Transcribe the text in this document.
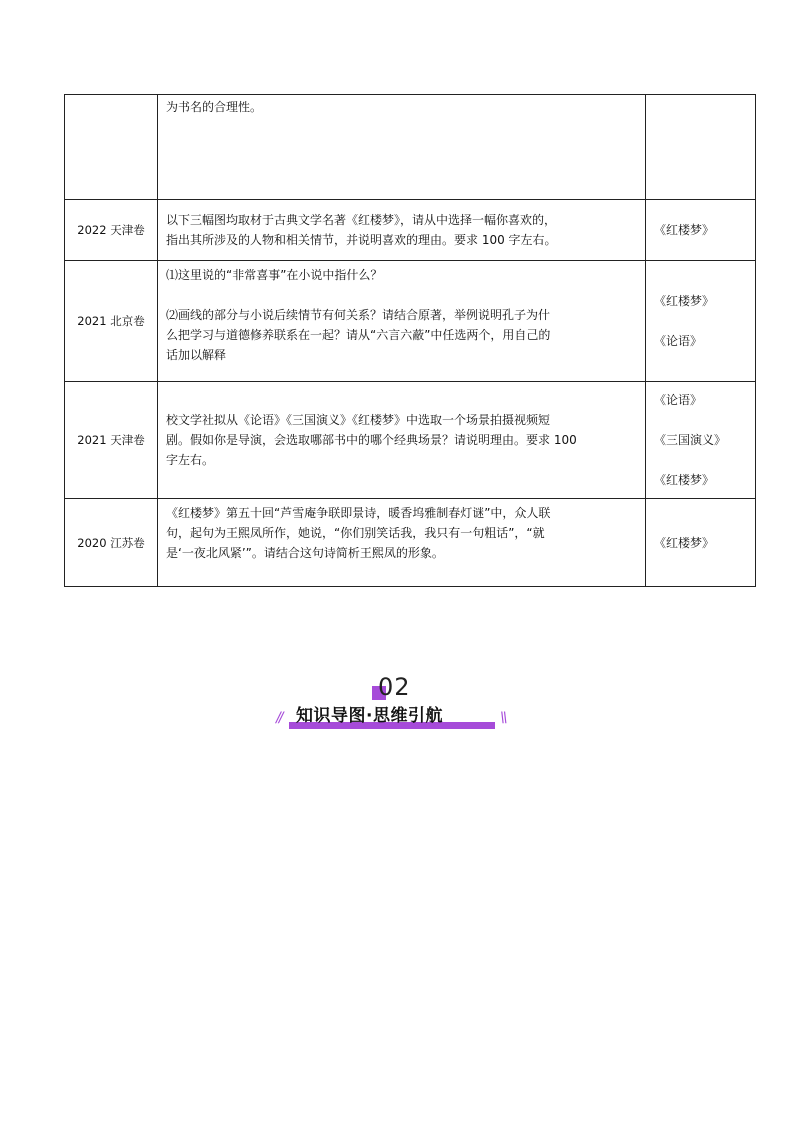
	为书名的合理性。	

2022 天津卷	以下三幅图均取材于古典文学名著《红楼梦》，请从中选择一幅你喜欢的，
指出其所涉及的人物和相关情节，并说明喜欢的理由。要求 100 字左右。	《红楼梦》

2021 北京卷	⑴这里说的“非常喜事”在小说中指什么？
⑵画线的部分与小说后续情节有何关系？请结合原著，举例说明孔子为什
么把学习与道德修养联系在一起？请从“六言六蔽”中任选两个，用自己的
话加以解释	《红楼梦》
《论语》

2021 天津卷	校文学社拟从《论语》《三国演义》《红楼梦》中选取一个场景拍摄视频短
剧。假如你是导演，会选取哪部书中的哪个经典场景？请说明理由。要求 100
字左右。	《论语》
《三国演义》
《红楼梦》

2020 江苏卷	《红楼梦》第五十回“芦雪庵争联即景诗，暖香坞雅制春灯谜”中，众人联
句，起句为王熙凤所作，她说，“你们别笑话我，我只有一句粗话”，“就
是‘一夜北风紧’”。请结合这句诗简析王熙凤的形象。	《红楼梦》
02
// 知识导图·思维引航	\\
